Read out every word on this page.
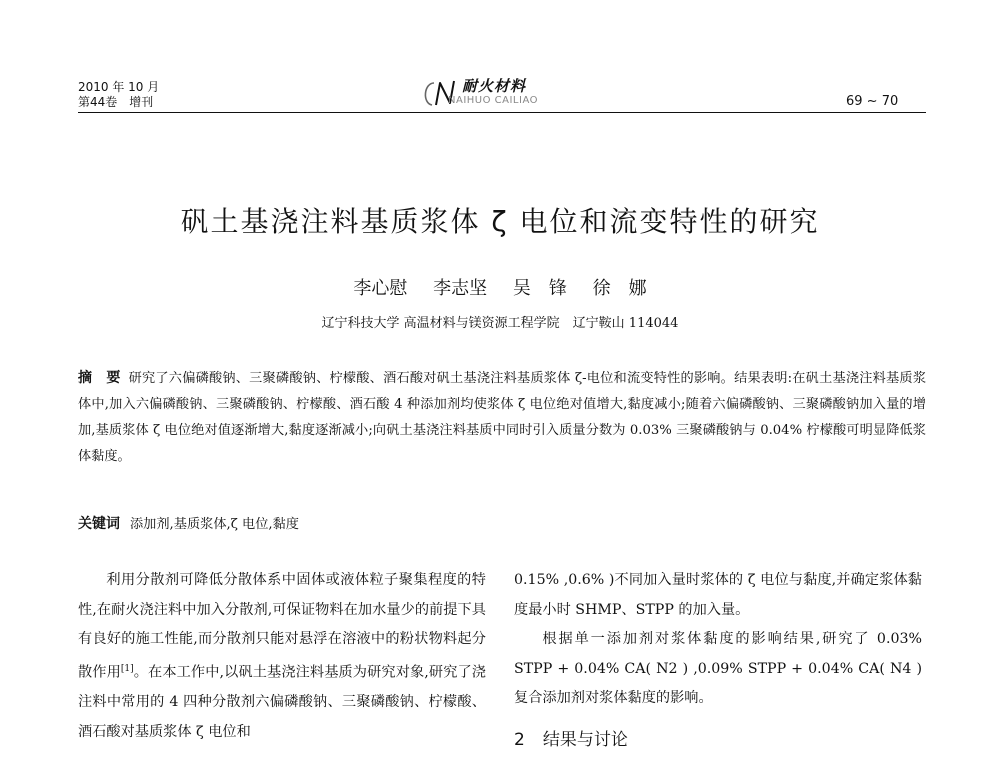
2010 年 10 月
第44卷　增刊
耐火材料
NAIHUO CAILIAO	69 ~ 70
矾土基浇注料基质浆体 ζ 电位和流变特性的研究
李心慰 李志坚 吴　锋 徐　娜
辽宁科技大学 高温材料与镁资源工程学院　辽宁鞍山 114044
摘　要 研究了六偏磷酸钠、三聚磷酸钠、柠檬酸、酒石酸对矾土基浇注料基质浆体 ζ-电位和流变特性的影响。结果表明:在矾土基浇注料基质浆体中,加入六偏磷酸钠、三聚磷酸钠、柠檬酸、酒石酸 4 种添加剂均使浆体 ζ 电位绝对值增大,黏度减小;随着六偏磷酸钠、三聚磷酸钠加入量的增加,基质浆体 ζ 电位绝对值逐渐增大,黏度逐渐减小;向矾土基浇注料基质中同时引入质量分数为 0.03% 三聚磷酸钠与 0.04% 柠檬酸可明显降低浆体黏度。
关键词 添加剂,基质浆体,ζ 电位,黏度

利用分散剂可降低分散体系中固体或液体粒子聚集程度的特性,在耐火浇注料中加入分散剂,可保证物料在加水量少的前提下具有良好的施工性能,而分散剂只能对悬浮在溶液中的粉状物料起分散作用[1]。在本工作中,以矾土基浇注料基质为研究对象,研究了浇注料中常用的 4 四种分散剂六偏磷酸钠、三聚磷酸钠、柠檬酸、酒石酸对基质浆体 ζ 电位和

0.15% ,0.6% )不同加入量时浆体的 ζ 电位与黏度,并确定浆体黏度最小时 SHMP、STPP 的加入量。

根据单一添加剂对浆体黏度的影响结果,研究了 0.03% STPP + 0.04% CA( N2 ) ,0.09% STPP + 0.04% CA( N4 )复合添加剂对浆体黏度的影响。

2 结果与讨论
